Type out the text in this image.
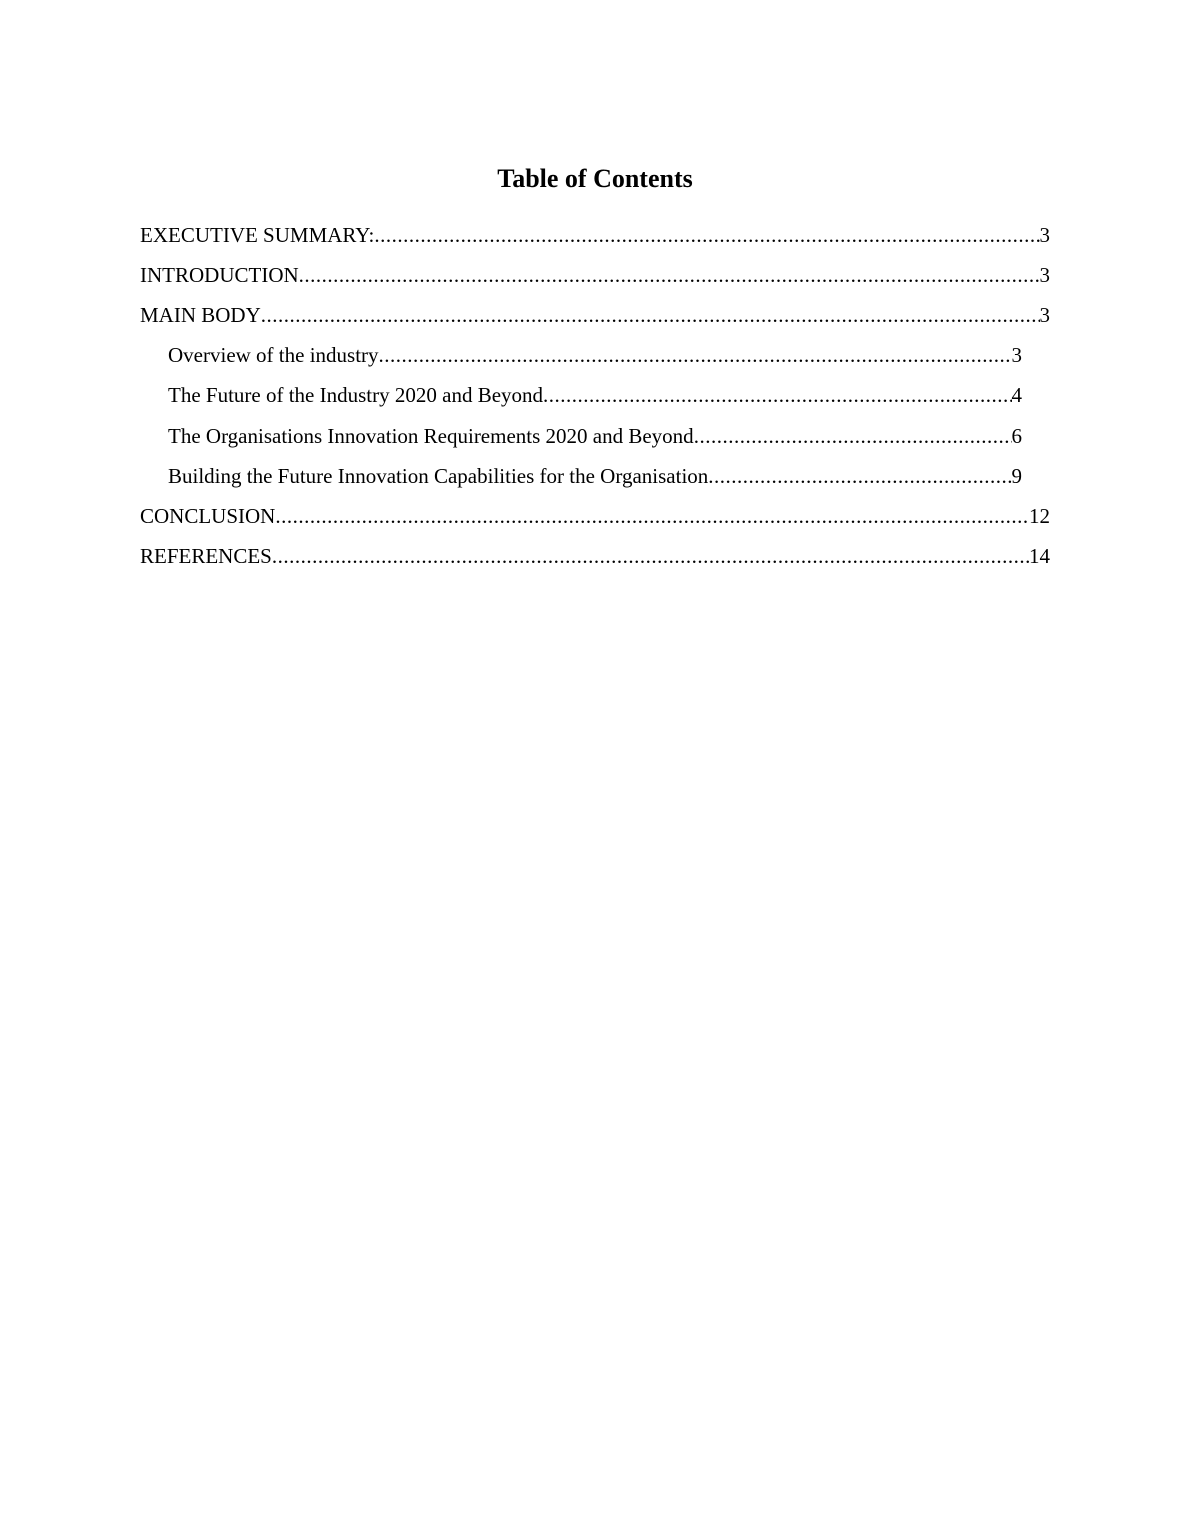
Table of Contents
EXECUTIVE SUMMARY: .....	3
INTRODUCTION .....	3
MAIN BODY .....	3
Overview of the industry .....	3
The Future of the Industry 2020 and Beyond .....	4
The Organisations Innovation Requirements 2020 and Beyond .....	6
Building the Future Innovation Capabilities for the Organisation .....	9
CONCLUSION .....	12
REFERENCES .....	14
